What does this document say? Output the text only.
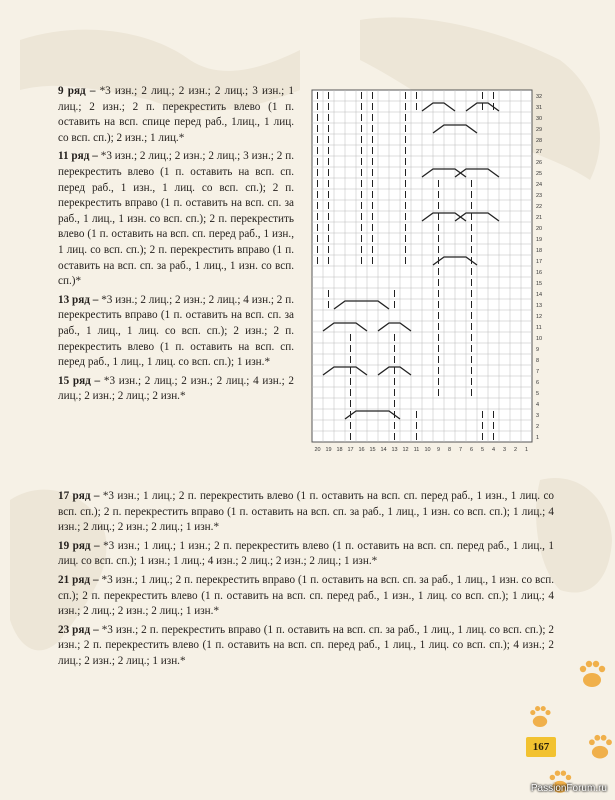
9 ряд – *3 изн.; 2 лиц.; 2 изн.; 2 лиц.; 3 изн.; 1 лиц.; 2 изн.; 2 п. перекрестить влево (1 п. оставить на всп. спице перед раб., 1лиц., 1 лиц. со всп. сп.); 2 изн.; 1 лиц.*
11 ряд – *3 изн.; 2 лиц.; 2 изн.; 2 лиц.; 3 изн.; 2 п. перекрестить влево (1 п. оставить на всп. сп. перед раб., 1 изн., 1 лиц. со всп. сп.); 2 п. перекрестить вправо (1 п. оставить на всп. сп. за раб., 1 лиц., 1 изн. со всп. сп.); 2 п. перекрестить влево (1 п. оставить на всп. сп. перед раб., 1 изн., 1 лиц. со всп. сп.); 2 п. перекрестить вправо (1 п. оставить на всп. сп. за раб., 1 лиц., 1 изн. со всп. сп.)*
13 ряд – *3 изн.; 2 лиц.; 2 изн.; 2 лиц.; 4 изн.; 2 п. перекрестить вправо (1 п. оставить на всп. сп. за раб., 1 лиц., 1 лиц. со всп. сп.); 2 изн.; 2 п. перекрестить влево (1 п. оставить на всп. сп. перед раб., 1 лиц., 1 лиц. со всп. сп.); 1 изн.*
15 ряд – *3 изн.; 2 лиц.; 2 изн.; 2 лиц.; 4 изн.; 2 лиц.; 2 изн.; 2 лиц.; 2 изн.*
1
2
3
4
5
6
7
8
9
10
11
12
13
14
15
16
17
18
19
20
21
22
23
24
25
26
27
28
29
30
31
32
1
2
3
4
5
6
7
8
9
10
11
12
13
14
15
16
17
18
19
20
17 ряд – *3 изн.; 1 лиц.; 2 п. перекрестить влево (1 п. оставить на всп. сп. перед раб., 1 изн., 1 лиц. со всп. сп.); 2 п. перекрестить вправо (1 п. оставить на всп. сп. за раб., 1 лиц., 1 изн. со всп. сп.); 1 лиц.; 4 изн.; 2 лиц.; 2 изн.; 2 лиц.; 1 изн.*
19 ряд – *3 изн.; 1 лиц.; 1 изн.; 2 п. перекрестить влево (1 п. оставить на всп. сп. перед раб., 1 лиц., 1 лиц. со всп. сп.); 1 изн.; 1 лиц.; 4 изн.; 2 лиц.; 2 изн.; 2 лиц.; 1 изн.*
21 ряд – *3 изн.; 1 лиц.; 2 п. перекрестить вправо (1 п. оставить на всп. сп. за раб., 1 лиц., 1 изн. со всп. сп.); 2 п. перекрестить влево (1 п. оставить на всп. сп. перед раб., 1 изн., 1 лиц. со всп. сп.); 1 лиц.; 4 изн.; 2 лиц.; 2 изн.; 2 лиц.; 1 изн.*
23 ряд – *3 изн.; 2 п. перекрестить вправо (1 п. оставить на всп. сп. за раб., 1 лиц., 1 лиц. со всп. сп.); 2 изн.; 2 п. перекрестить влево (1 п. оставить на всп. сп. перед раб., 1 лиц., 1 лиц. со всп. сп.); 4 изн.; 2 лиц.; 2 изн.; 2 лиц.; 1 изн.*
167
PassionForum.ru
